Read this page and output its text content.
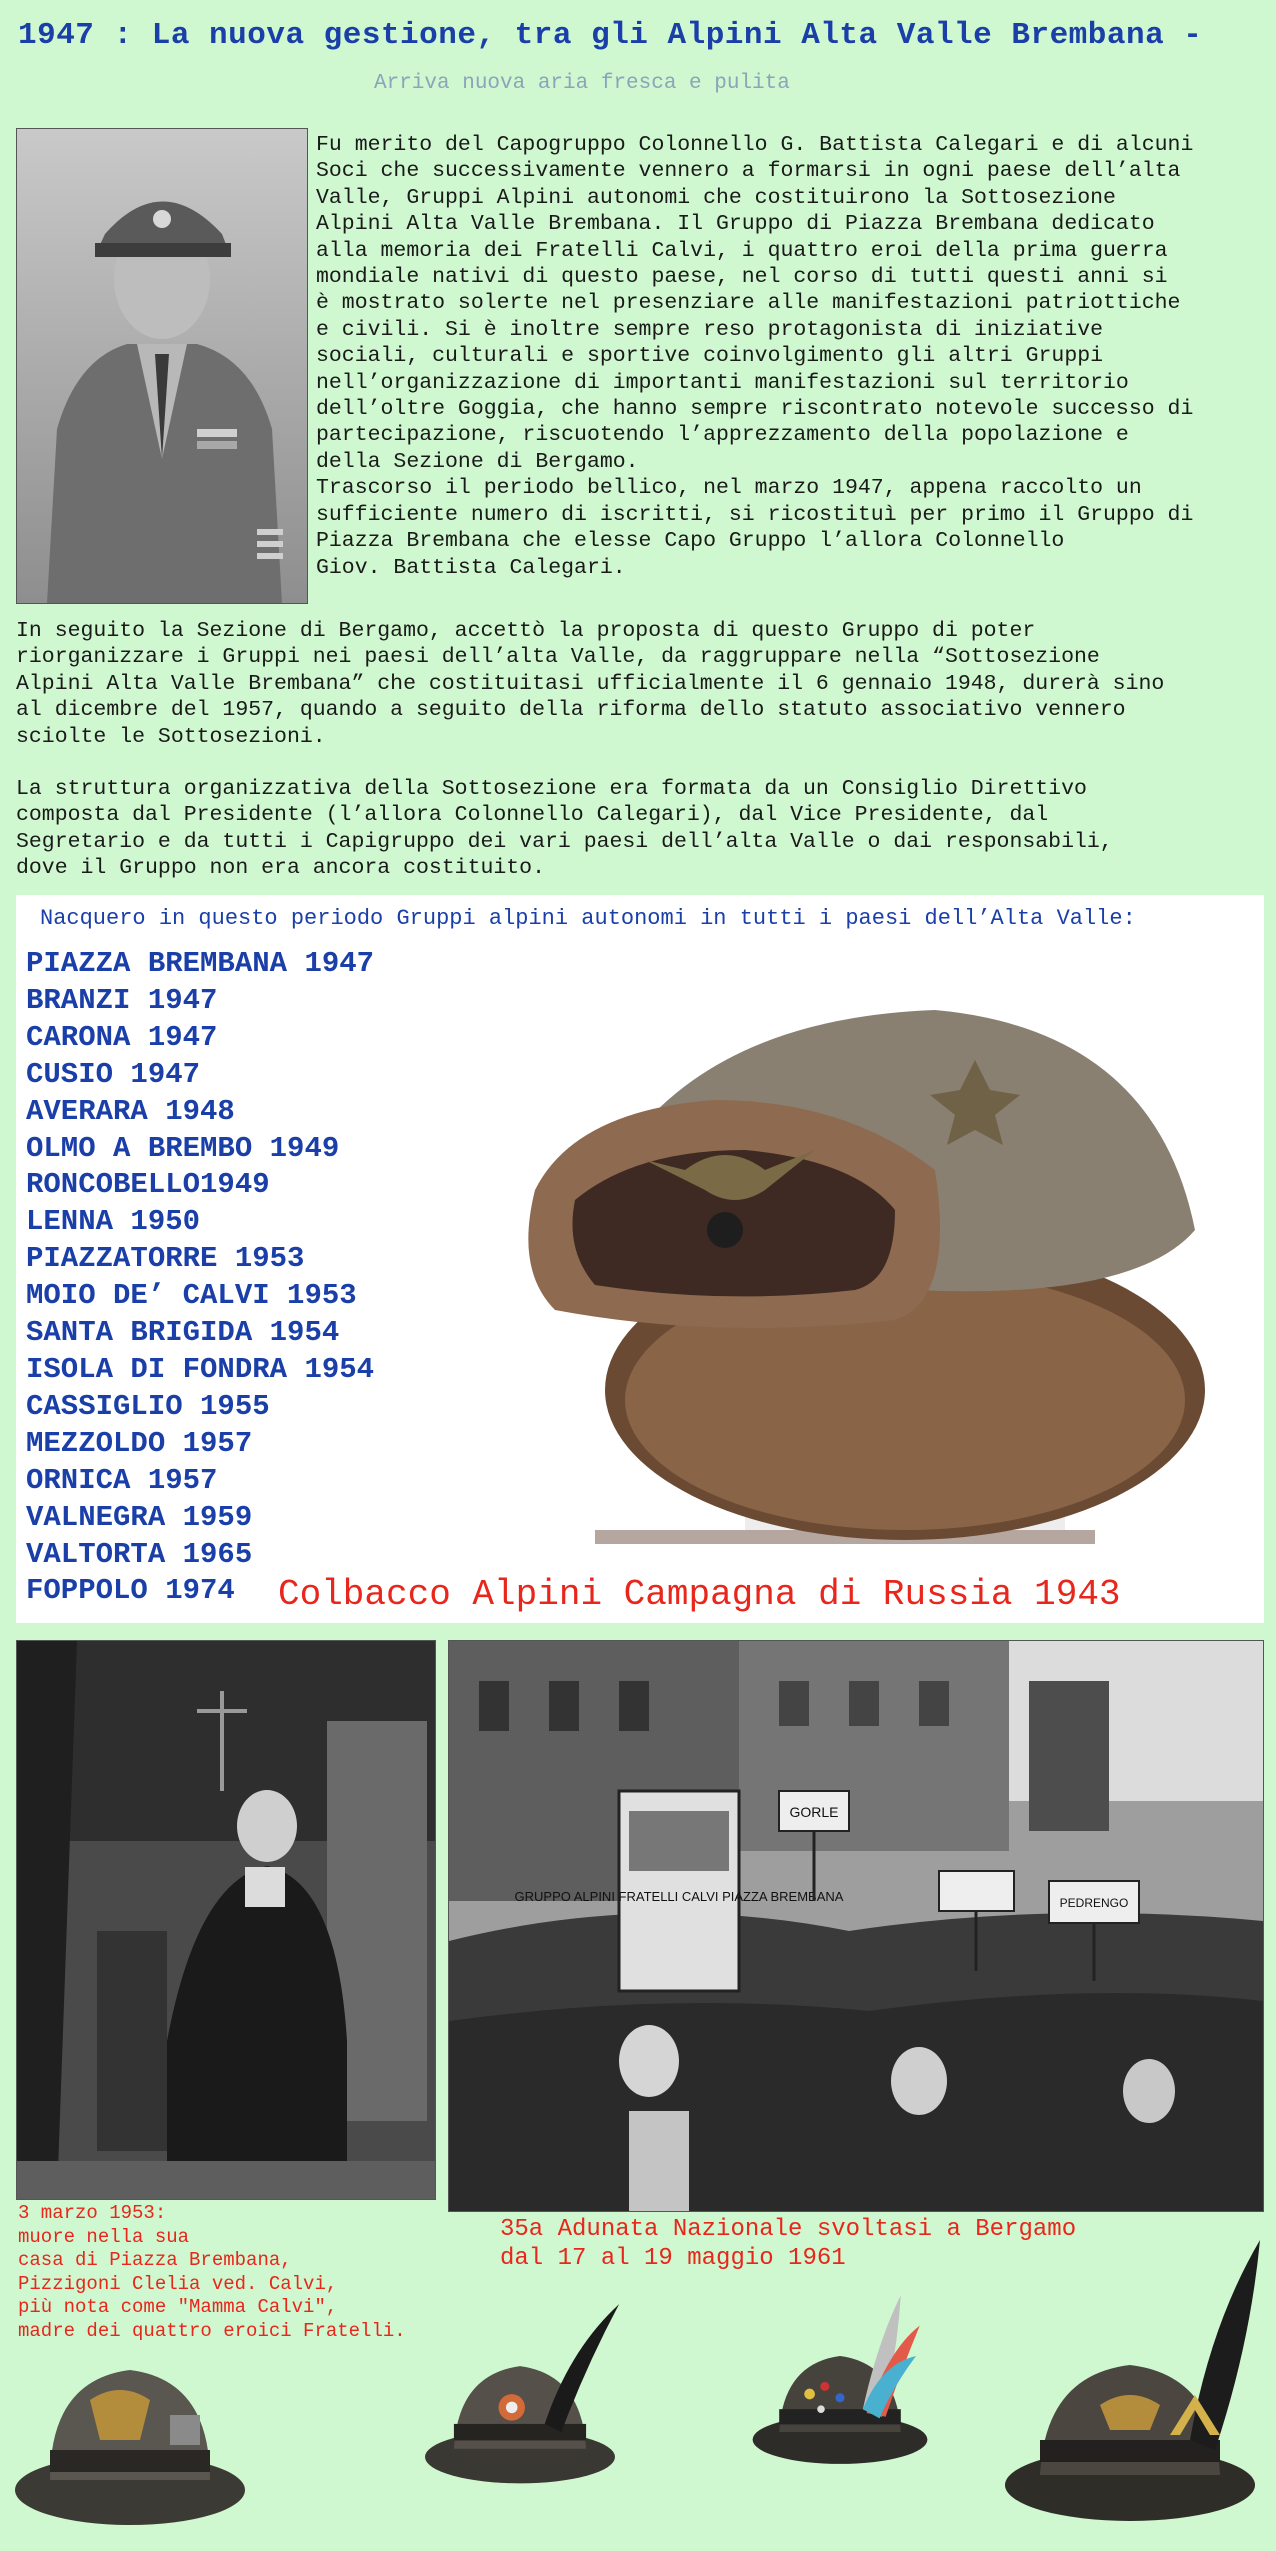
1947 : La nuova gestione, tra gli Alpini Alta Valle Brembana -
Arriva nuova aria fresca e pulita
Fu merito del Capogruppo Colonnello G. Battista Calegari e di alcuni
Soci che successivamente vennero a formarsi in ogni paese dell’alta
Valle, Gruppi Alpini autonomi che costituirono la Sottosezione
Alpini Alta Valle Brembana. Il Gruppo di Piazza Brembana dedicato
alla memoria dei Fratelli Calvi, i quattro eroi della prima guerra
mondiale nativi di questo paese, nel corso di tutti questi anni si
è mostrato solerte nel presenziare alle manifestazioni patriottiche
e civili. Si è inoltre sempre reso protagonista di iniziative
sociali, culturali e sportive coinvolgimento gli altri Gruppi
nell’organizzazione di importanti manifestazioni sul territorio
dell’oltre Goggia, che hanno sempre riscontrato notevole successo di
partecipazione, riscuotendo l’apprezzamento della popolazione e
della Sezione di Bergamo.
Trascorso il periodo bellico, nel marzo 1947, appena raccolto un
sufficiente numero di iscritti, si ricostituì per primo il Gruppo di
Piazza Brembana che elesse Capo Gruppo l’allora Colonnello
Giov. Battista Calegari.
In seguito la Sezione di Bergamo, accettò la proposta di questo Gruppo di poter
riorganizzare i Gruppi nei paesi dell’alta Valle, da raggruppare nella “Sottosezione
Alpini Alta Valle Brembana” che costituitasi ufficialmente il 6 gennaio 1948, durerà sino
al dicembre del 1957, quando a seguito della riforma dello statuto associativo vennero
sciolte le Sottosezioni.
La struttura organizzativa della Sottosezione era formata da un Consiglio Direttivo
composta dal Presidente (l’allora Colonnello Calegari), dal Vice Presidente, dal
Segretario e da tutti i Capigruppo dei vari paesi dell’alta Valle o dai responsabili,
dove il Gruppo non era ancora costituito.
Nacquero in questo periodo Gruppi alpini autonomi in tutti i paesi dell’Alta Valle:
PIAZZA BREMBANA 1947
BRANZI 1947
CARONA 1947
CUSIO 1947
AVERARA 1948
OLMO A BREMBO 1949
RONCOBELLO1949
LENNA 1950
PIAZZATORRE 1953
MOIO DE’ CALVI 1953
SANTA BRIGIDA 1954
ISOLA DI FONDRA 1954
CASSIGLIO 1955
MEZZOLDO 1957
ORNICA 1957
VALNEGRA 1959
VALTORTA 1965
FOPPOLO 1974	Colbacco Alpini Campagna di Russia 1943
3 marzo 1953:
muore nella sua
casa di Piazza Brembana,
Pizzigoni Clelia ved. Calvi,
più nota come "Mamma Calvi",
madre dei quattro eroici Fratelli.
GRUPPO ALPINI FRATELLI CALVI PIAZZA BREMBANA
GORLE
PEDRENGO
35a Adunata Nazionale svoltasi a Bergamo
dal 17 al 19 maggio 1961
